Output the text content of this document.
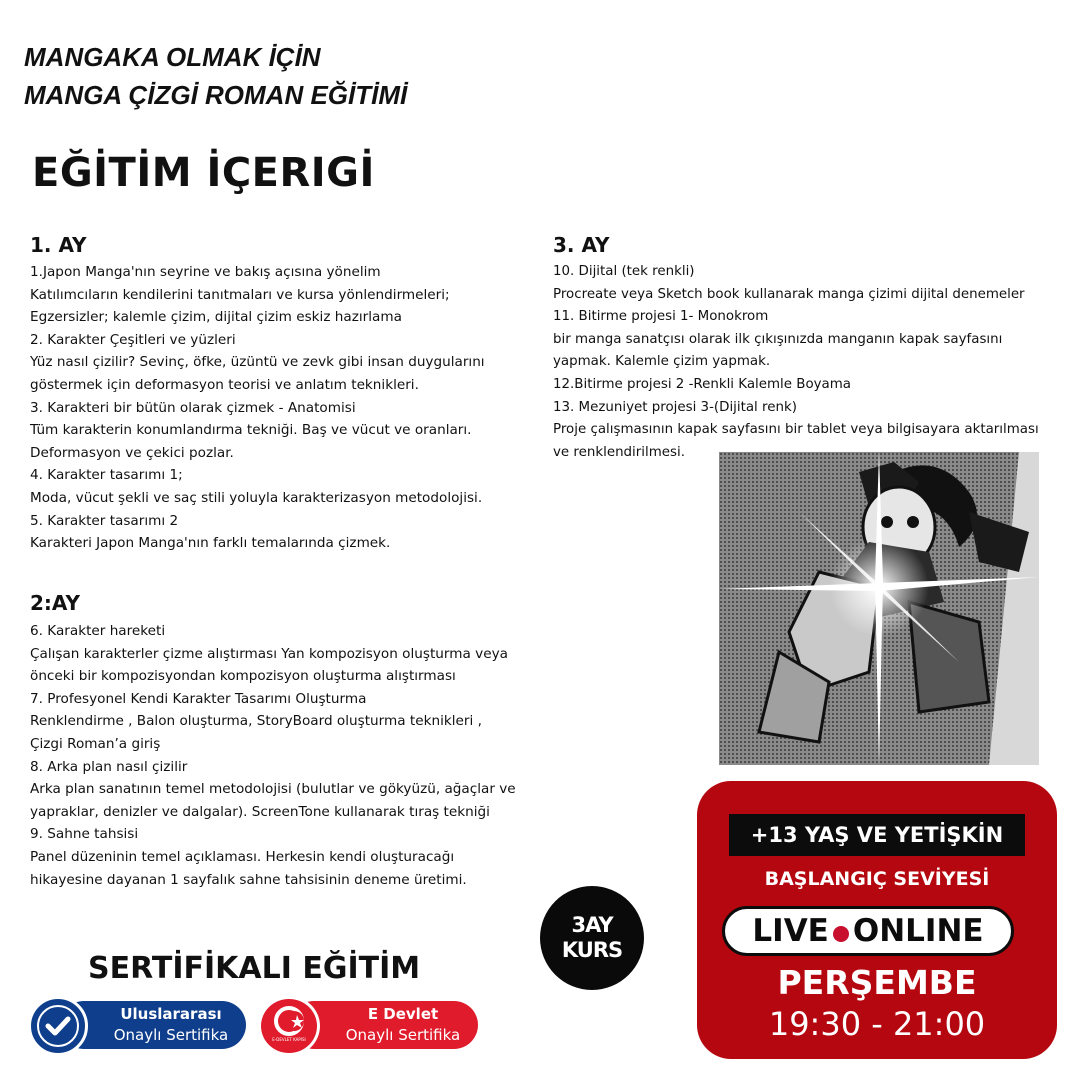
MANGAKA OLMAK İÇİN
MANGA ÇİZGİ ROMAN EĞİTİMİ
EĞİTİM İÇERIGİ
1. AY
1.Japon Manga'nın seyrine ve bakış açısına yönelim
Katılımcıların kendilerini tanıtmaları ve kursa yönlendirmeleri;
Egzersizler; kalemle çizim, dijital çizim eskiz hazırlama
2. Karakter Çeşitleri ve yüzleri
Yüz nasıl çizilir? Sevinç, öfke, üzüntü ve zevk gibi insan duygularını
göstermek için deformasyon teorisi ve anlatım teknikleri.
3. Karakteri bir bütün olarak çizmek - Anatomisi
Tüm karakterin konumlandırma tekniği. Baş ve vücut ve oranları.
Deformasyon ve çekici pozlar.
4. Karakter tasarımı 1;
Moda, vücut şekli ve saç stili yoluyla karakterizasyon metodolojisi.
5. Karakter tasarımı 2
Karakteri Japon Manga'nın farklı temalarında çizmek.
2:AY
6. Karakter hareketi
Çalışan karakterler çizme alıştırması Yan kompozisyon oluşturma veya
önceki bir kompozisyondan kompozisyon oluşturma alıştırması
7. Profesyonel Kendi Karakter Tasarımı Oluşturma
Renklendirme , Balon oluşturma, StoryBoard oluşturma teknikleri ,
Çizgi Roman’a giriş
8. Arka plan nasıl çizilir
Arka plan sanatının temel metodolojisi (bulutlar ve gökyüzü, ağaçlar ve
yapraklar, denizler ve dalgalar). ScreenTone kullanarak tıraş tekniği
9. Sahne tahsisi
Panel düzeninin temel açıklaması. Herkesin kendi oluşturacağı
hikayesine dayanan 1 sayfalık sahne tahsisinin deneme üretimi.
3. AY
10. Dijital (tek renkli)
Procreate veya Sketch book kullanarak manga çizimi dijital denemeler
11. Bitirme projesi 1- Monokrom
bir manga sanatçısı olarak ilk çıkışınızda manganın kapak sayfasını
yapmak. Kalemle çizim yapmak.
12.Bitirme projesi 2 -Renkli Kalemle Boyama
13. Mezuniyet projesi 3-(Dijital renk)
Proje çalışmasının kapak sayfasını bir tablet veya bilgisayara aktarılması
ve renklendirilmesi.
3AY
KURS
+13 YAŞ VE YETİŞKİN
BAŞLANGIÇ SEVİYESİ
LIVE ONLINE
PERŞEMBE
19:30 - 21:00
SERTİFİKALI EĞİTİM
Uluslararası
Onaylı Sertifika	E-DEVLET KAPISI
E Devlet
Onaylı Sertifika
